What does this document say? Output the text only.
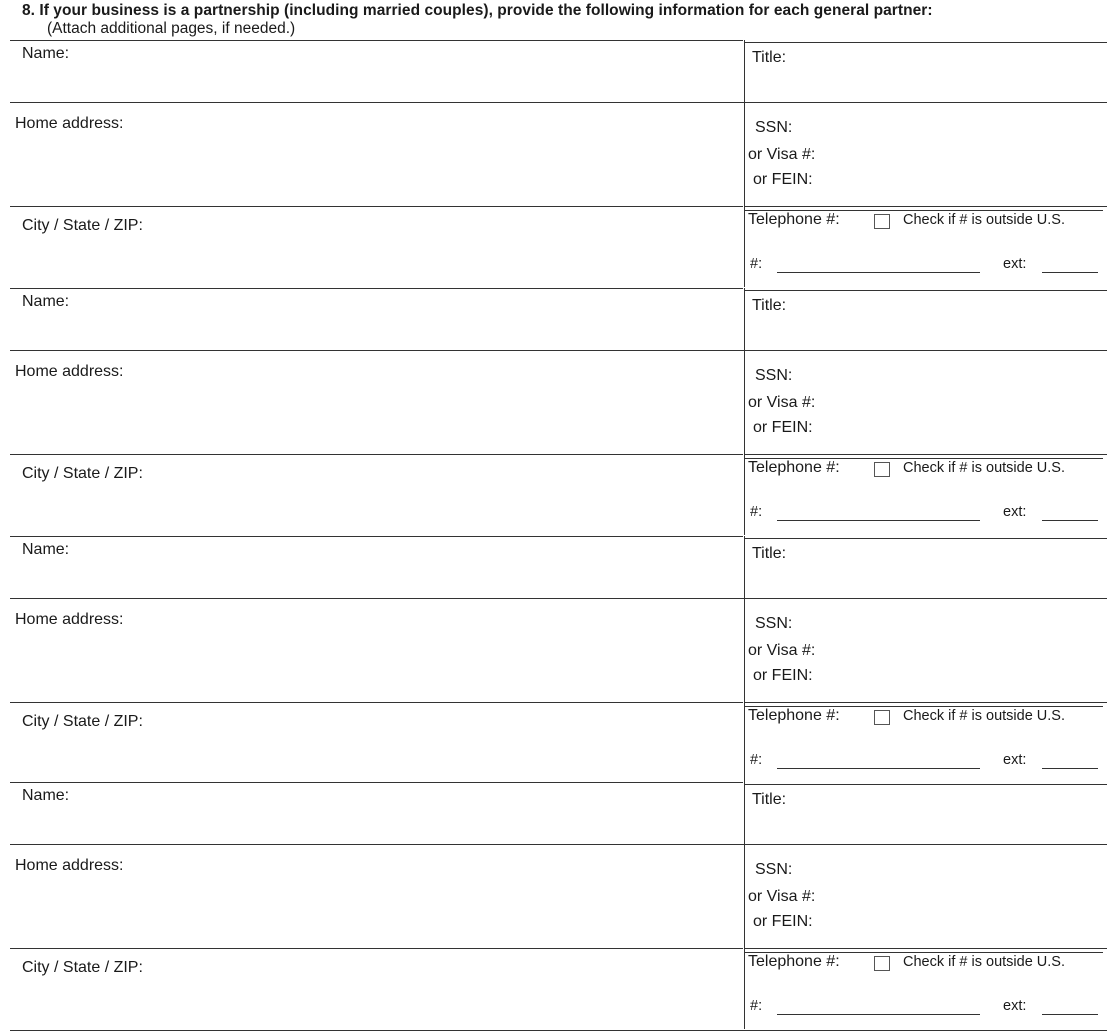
8. If your business is a partnership (including married couples), provide the following information for each general partner:
(Attach additional pages, if needed.)
Name:	Title:
Home address:	SSN:
or Visa #:
or FEIN:
City / State / ZIP:	Telephone #:	Check if # is outside U.S.
#:	ext:
Name:	Title:
Home address:	SSN:
or Visa #:
or FEIN:
City / State / ZIP:	Telephone #:	Check if # is outside U.S.
#:	ext:
Name:	Title:
Home address:	SSN:
or Visa #:
or FEIN:
City / State / ZIP:	Telephone #:	Check if # is outside U.S.
#:	ext:
Name:	Title:
Home address:	SSN:
or Visa #:
or FEIN:
City / State / ZIP:	Telephone #:	Check if # is outside U.S.
#:	ext:
